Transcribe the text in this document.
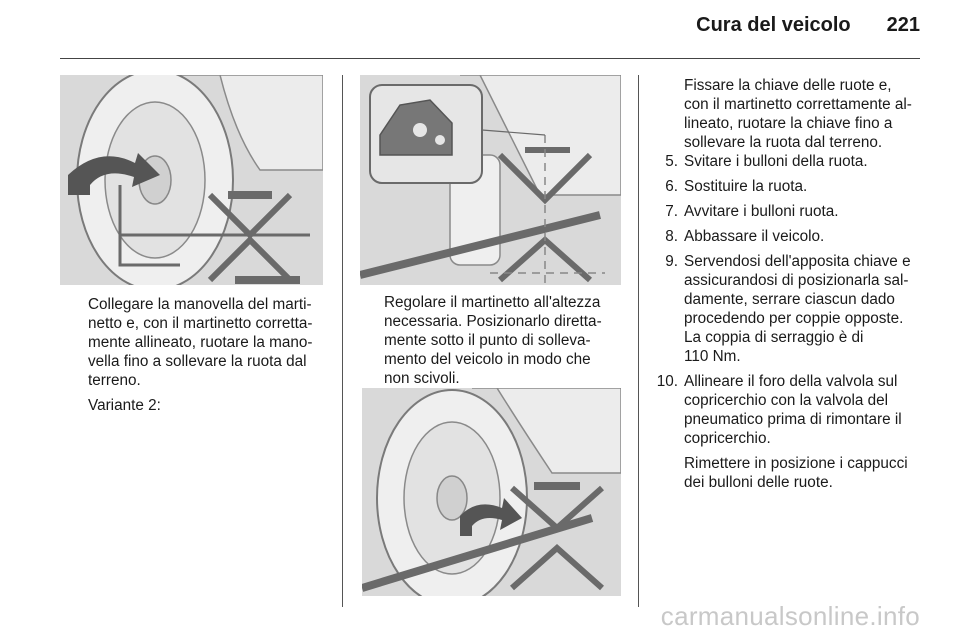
Cura del veicolo 221

Collegare la manovella del marti-
netto e, con il martinetto corretta-
mente allineato, ruotare la mano-
vella fino a sollevare la ruota dal
terreno.

Variante 2:

Regolare il martinetto all'altezza
necessaria. Posizionarlo diretta-
mente sotto il punto di solleva-
mento del veicolo in modo che
non scivoli.

Fissare la chiave delle ruote e,
con il martinetto correttamente al-
lineato, ruotare la chiave fino a
sollevare la ruota dal terreno.

5. Svitare i bulloni della ruota.
6. Sostituire la ruota.
7. Avvitare i bulloni ruota.
8. Abbassare il veicolo.
9. Servendosi dell'apposita chiave e
assicurandosi di posizionarla sal-
damente, serrare ciascun dado
procedendo per coppie opposte.
La coppia di serraggio è di
110 Nm.
10. Allineare il foro della valvola sul
copricerchio con la valvola del
pneumatico prima di rimontare il
copricerchio.
Rimettere in posizione i cappucci
dei bulloni delle ruote.
carmanualsonline.info
